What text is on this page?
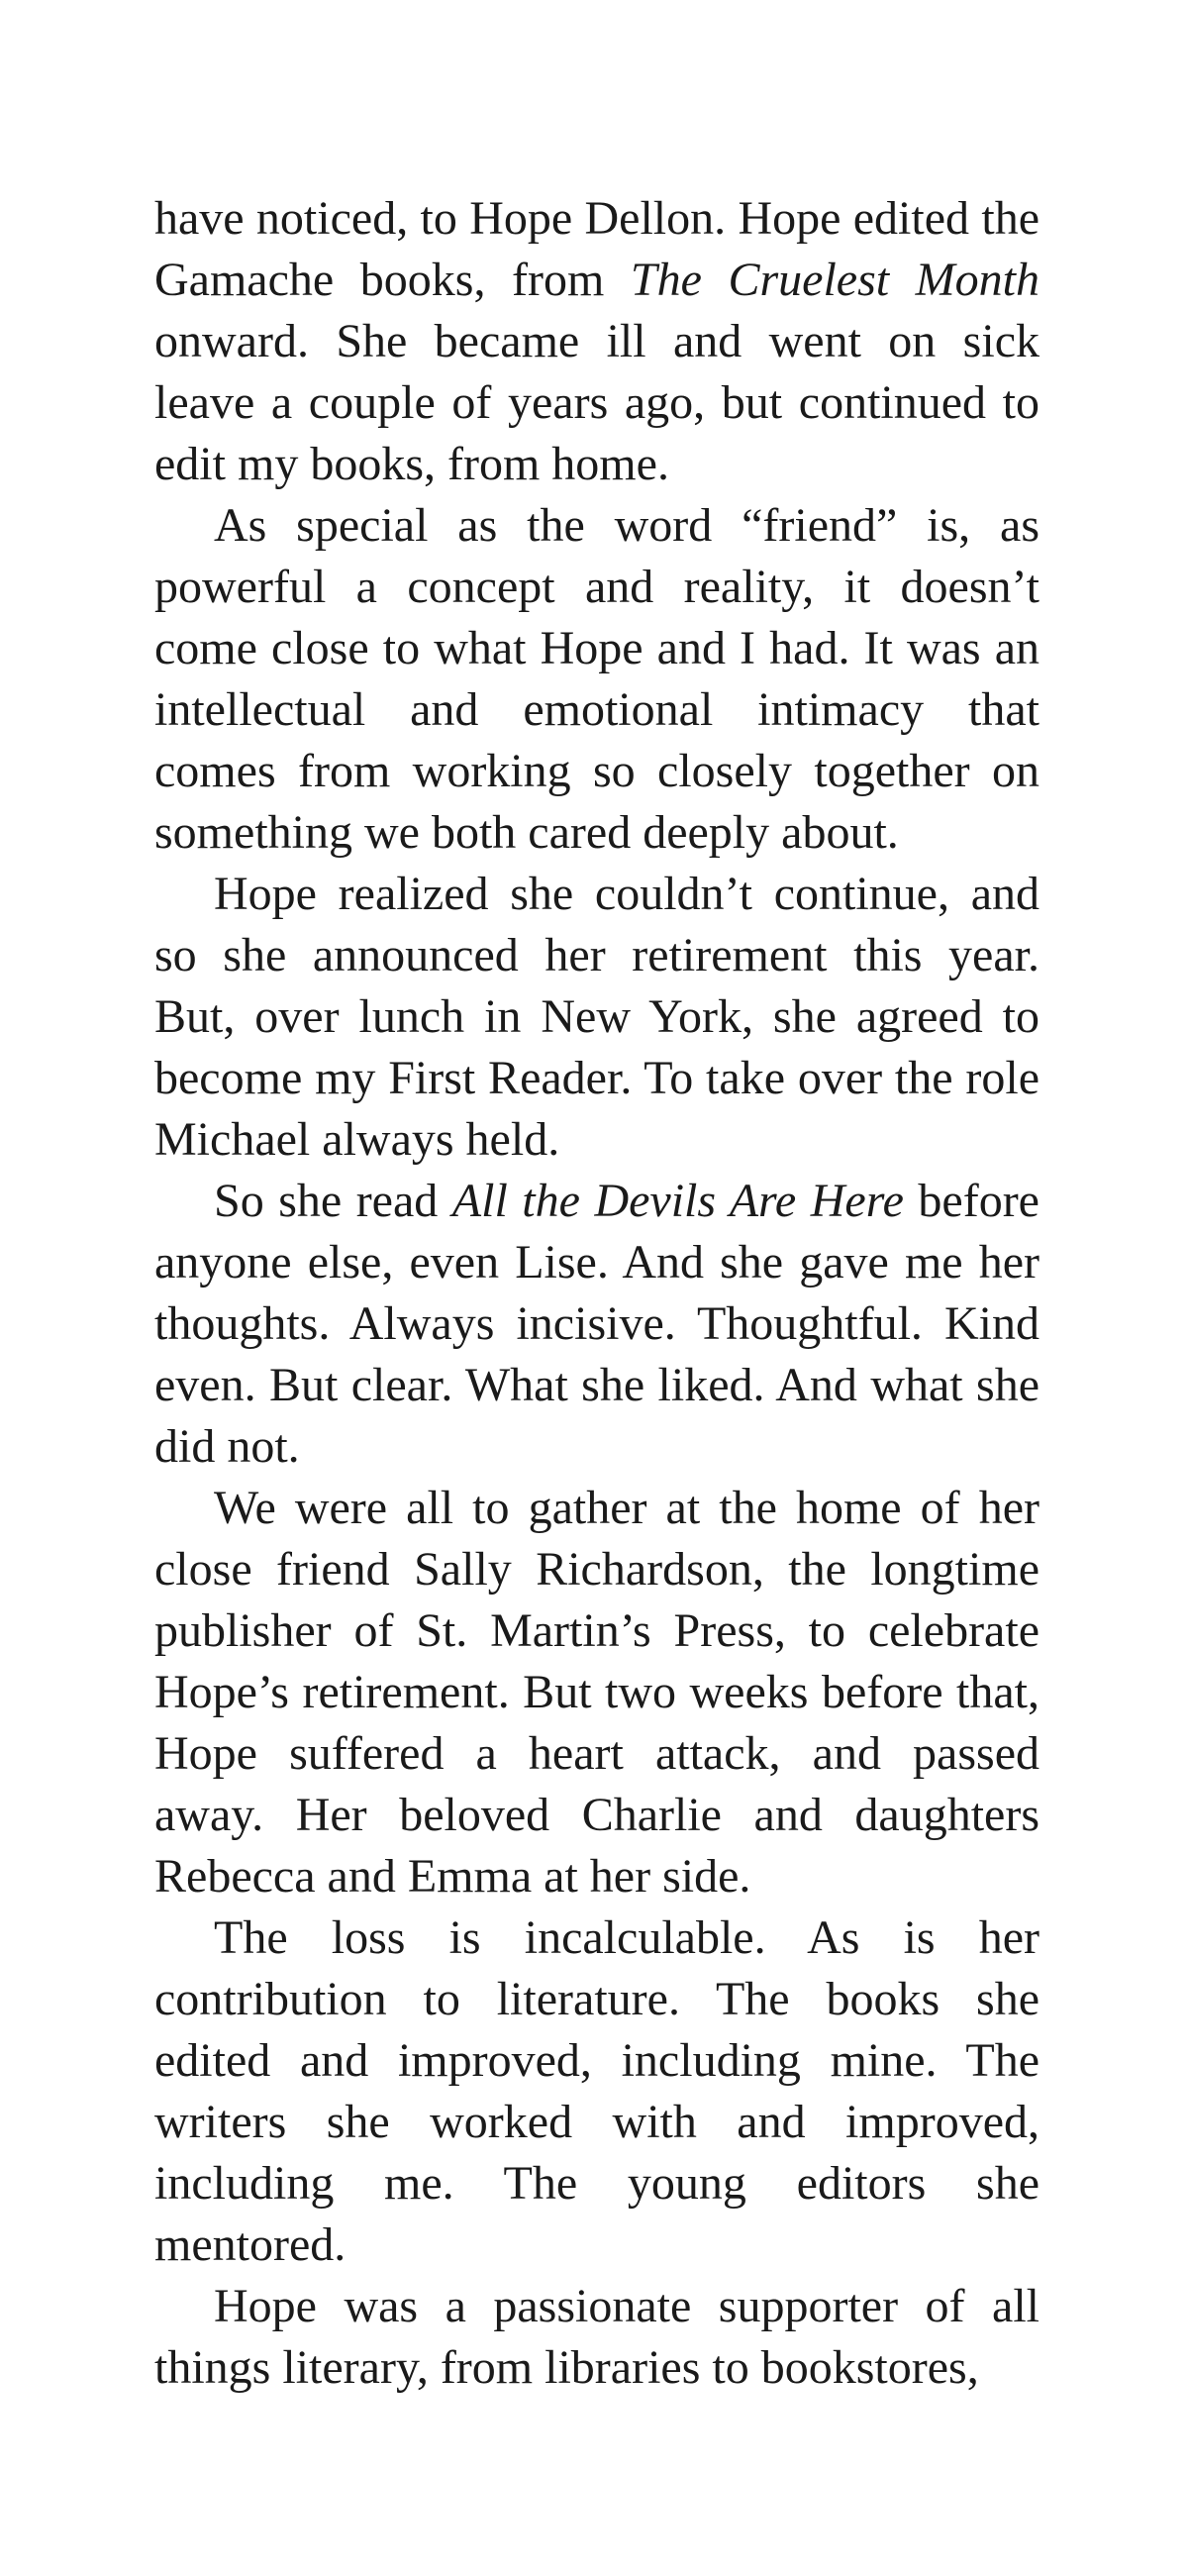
have noticed, to Hope Dellon. Hope edited the Gamache books, from The Cruelest Month onward. She became ill and went on sick leave a couple of years ago, but continued to edit my books, from home.

As special as the word “friend” is, as powerful a concept and reality, it doesn’t come close to what Hope and I had. It was an intellectual and emotional intimacy that comes from working so closely together on something we both cared deeply about.

Hope realized she couldn’t continue, and so she announced her retirement this year. But, over lunch in New York, she agreed to become my First Reader. To take over the role Michael always held.

So she read All the Devils Are Here before anyone else, even Lise. And she gave me her thoughts. Always incisive. Thoughtful. Kind even. But clear. What she liked. And what she did not.

We were all to gather at the home of her close friend Sally Richardson, the longtime publisher of St. Martin’s Press, to celebrate Hope’s retirement. But two weeks before that, Hope suffered a heart attack, and passed away. Her beloved Charlie and daughters Rebecca and Emma at her side.

The loss is incalculable. As is her contribution to literature. The books she edited and improved, including mine. The writers she worked with and improved, including me. The young editors she mentored.

Hope was a passionate supporter of all things literary, from libraries to bookstores,
